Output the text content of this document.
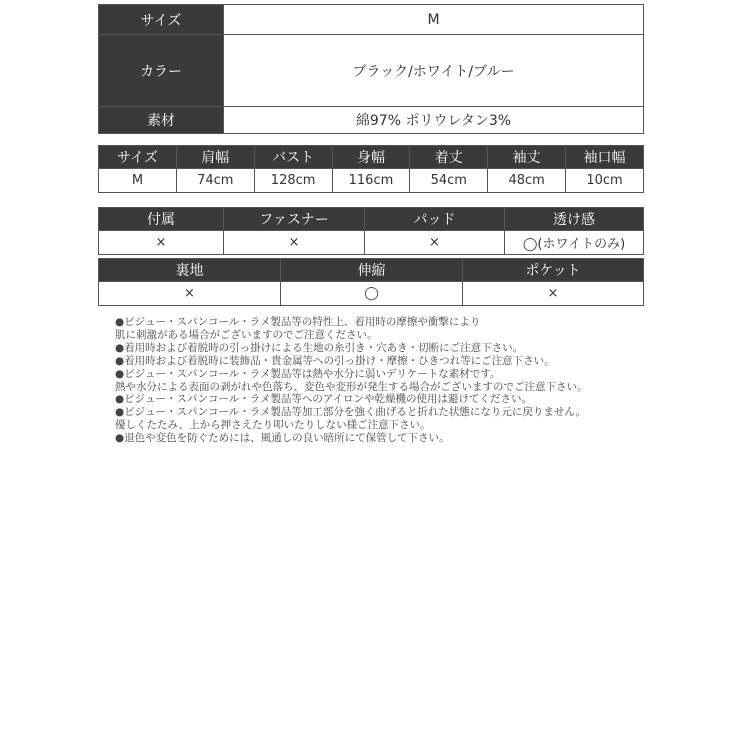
サイズ	M
カラー	ブラック/ホワイト/ブルー
素材	綿97% ポリウレタン3%
サイズ	肩幅	バスト	身幅	着丈	袖丈	袖口幅
M	74cm	128cm	116cm	54cm	48cm	10cm
付属	ファスナー	パッド	透け感
×	×	×	◯(ホワイトのみ)
裏地	伸縮	ポケット
×	◯	×
●ビジュー・スパンコール・ラメ製品等の特性上、着用時の摩擦や衝撃により
肌に刺激がある場合がございますのでご注意ください。
●着用時および着脱時の引っ掛けによる生地の糸引き・穴あき・切断にご注意下さい。
●着用時および着脱時に装飾品・貴金属等への引っ掛け・摩擦・ひきつれ等にご注意下さい。
●ビジュー・スパンコール・ラメ製品等は熱や水分に弱いデリケートな素材です。
熱や水分による表面の剥がれや色落ち、変色や変形が発生する場合がございますのでご注意下さい。
●ビジュー・スパンコール・ラメ製品等へのアイロンや乾燥機の使用は避けてください。
●ビジュー・スパンコール・ラメ製品等加工部分を強く曲げると折れた状態になり元に戻りません。
優しくたたみ、上から押さえたり叩いたりしない様ご注意下さい。
●退色や変色を防ぐためには、風通しの良い暗所にて保管して下さい。
